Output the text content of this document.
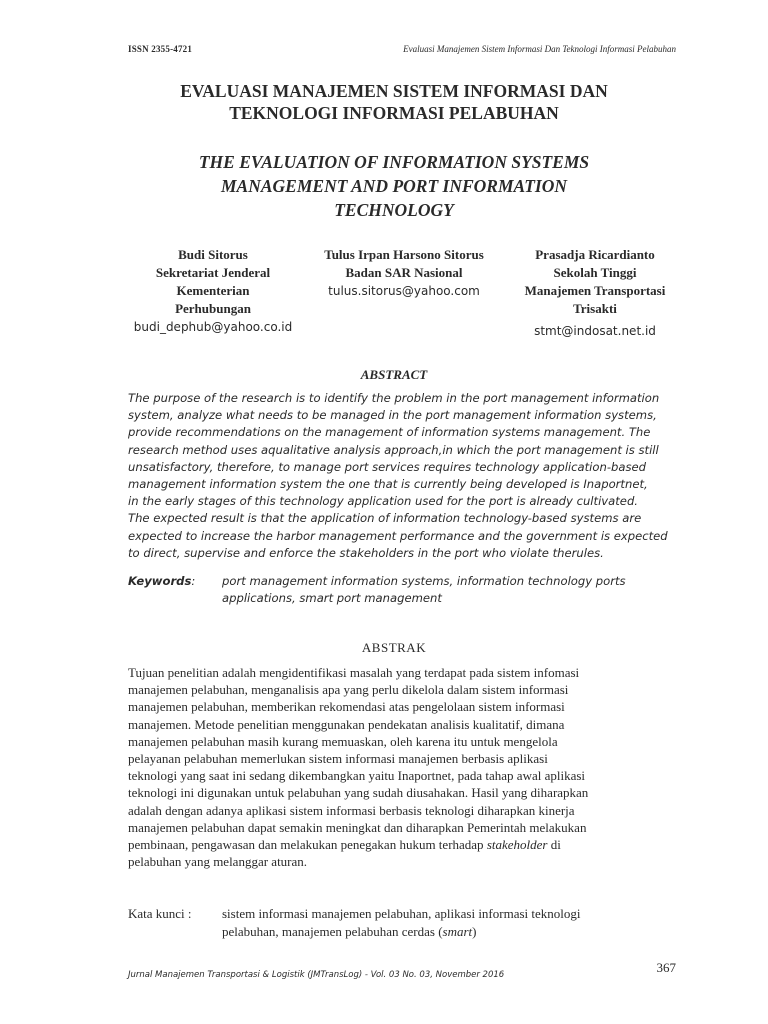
ISSN 2355-4721	Evaluasi Manajemen Sistem Informasi Dan Teknologi Informasi Pelabuhan
EVALUASI MANAJEMEN SISTEM INFORMASI DAN
TEKNOLOGI INFORMASI PELABUHAN
THE EVALUATION OF INFORMATION SYSTEMS
MANAGEMENT AND PORT INFORMATION
TECHNOLOGY
Budi Sitorus
Sekretariat Jenderal
Kementerian
Perhubungan
budi_dephub@yahoo.co.id
Tulus Irpan Harsono Sitorus
Badan SAR Nasional
tulus.sitorus@yahoo.com
Prasadja Ricardianto
Sekolah Tinggi
Manajemen Transportasi
Trisakti
stmt@indosat.net.id
ABSTRACT
The purpose of the research is to identify the problem in the port management information
system, analyze what needs to be managed in the port management information systems,
provide recommendations on the management of information systems management. The
research method uses aqualitative analysis approach,in which the port management is still
unsatisfactory, therefore, to manage port services requires technology application-based
management information system the one that is currently being developed is Inaportnet,
in the early stages of this technology application used for the port is already cultivated.
The expected result is that the application of information technology-based systems are
expected to increase the harbor management performance and the government is expected
to direct, supervise and enforce the stakeholders in the port who violate therules.
Keywords:	port management information systems, information technology ports
applications, smart port management
ABSTRAK
Tujuan penelitian adalah mengidentifikasi masalah yang terdapat pada sistem infomasi
manajemen pelabuhan, menganalisis apa yang perlu dikelola dalam sistem informasi
manajemen pelabuhan, memberikan rekomendasi atas pengelolaan sistem informasi
manajemen. Metode penelitian menggunakan pendekatan analisis kualitatif, dimana
manajemen pelabuhan masih kurang memuaskan, oleh karena itu untuk mengelola
pelayanan pelabuhan memerlukan sistem informasi manajemen berbasis aplikasi
teknologi yang saat ini sedang dikembangkan yaitu Inaportnet, pada tahap awal aplikasi
teknologi ini digunakan untuk pelabuhan yang sudah diusahakan. Hasil yang diharapkan
adalah dengan adanya aplikasi sistem informasi berbasis teknologi diharapkan kinerja
manajemen pelabuhan dapat semakin meningkat dan diharapkan Pemerintah melakukan
pembinaan, pengawasan dan melakukan penegakan hukum terhadap stakeholder di
pelabuhan yang melanggar aturan.
Kata kunci :	sistem informasi manajemen pelabuhan, aplikasi informasi teknologi
pelabuhan, manajemen pelabuhan cerdas (smart)
367
Jurnal Manajemen Transportasi & Logistik (JMTransLog) - Vol. 03 No. 03, November 2016
